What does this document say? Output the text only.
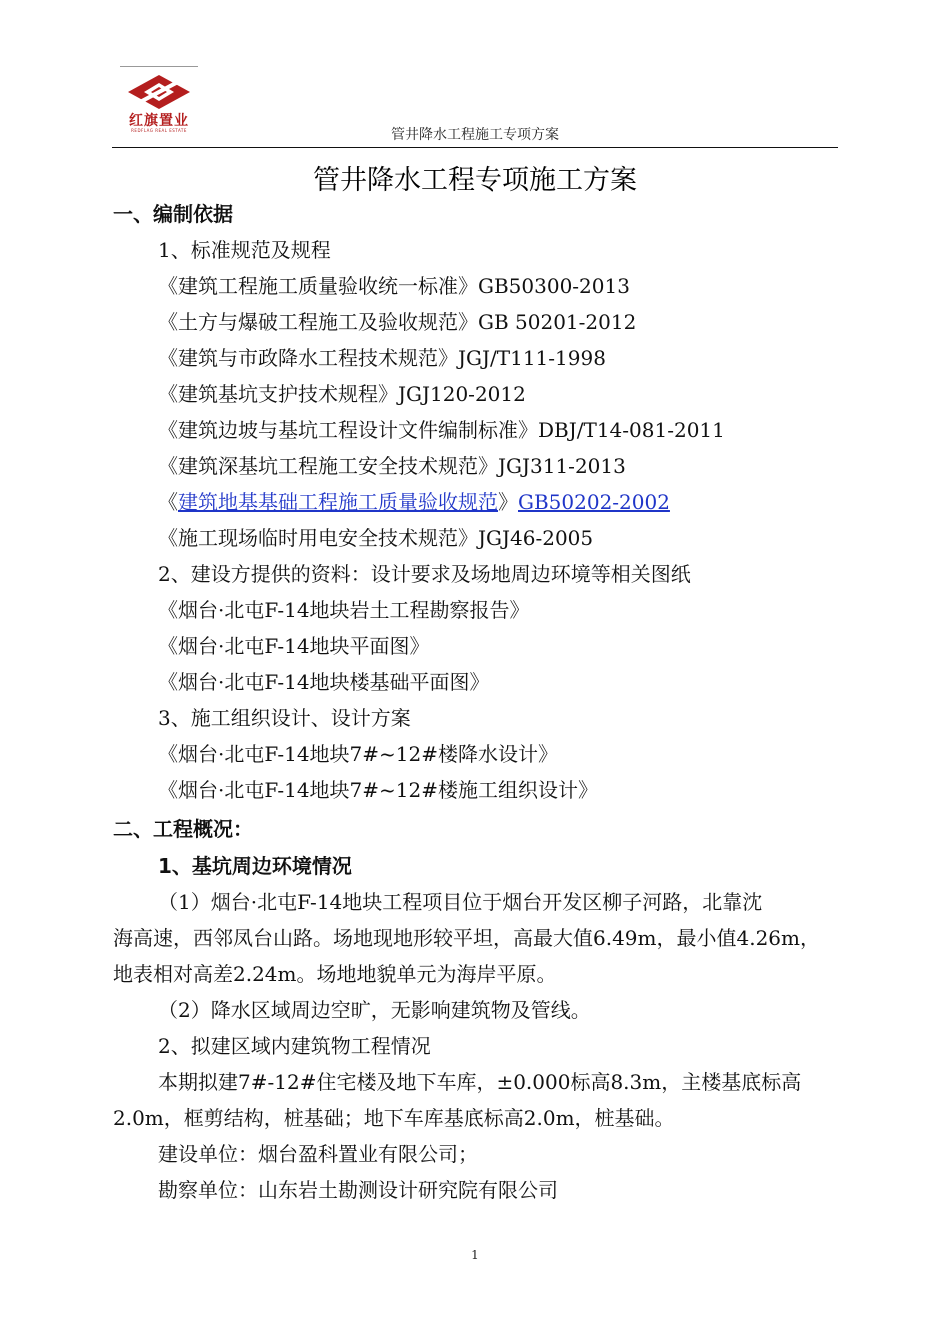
红旗置业
REDFLAG REAL ESTATE	管井降水工程施工专项方案
管井降水工程专项施工方案
一、编制依据
1、标准规范及规程
《建筑工程施工质量验收统一标准》GB50300-2013
《土方与爆破工程施工及验收规范》GB 50201-2012
《建筑与市政降水工程技术规范》JGJ/T111-1998
《建筑基坑支护技术规程》JGJ120-2012
《建筑边坡与基坑工程设计文件编制标准》DBJ/T14-081-2011
《建筑深基坑工程施工安全技术规范》JGJ311-2013
《建筑地基基础工程施工质量验收规范》GB50202-2002
《施工现场临时用电安全技术规范》JGJ46-2005
2、建设方提供的资料：设计要求及场地周边环境等相关图纸
《烟台·北屯F-14地块岩土工程勘察报告》
《烟台·北屯F-14地块平面图》
《烟台·北屯F-14地块楼基础平面图》
3、施工组织设计、设计方案
《烟台·北屯F-14地块7#~12#楼降水设计》
《烟台·北屯F-14地块7#~12#楼施工组织设计》
二、工程概况：
1、基坑周边环境情况
（1）烟台·北屯F-14地块工程项目位于烟台开发区柳子河路，北靠沈
海高速，西邻凤台山路。场地现地形较平坦，高最大值6.49m，最小值4.26m，
地表相对高差2.24m。场地地貌单元为海岸平原。
（2）降水区域周边空旷，无影响建筑物及管线。
2、拟建区域内建筑物工程情况
本期拟建7#-12#住宅楼及地下车库，±0.000标高8.3m，主楼基底标高
2.0m，框剪结构，桩基础；地下车库基底标高2.0m，桩基础。
建设单位：烟台盈科置业有限公司；
勘察单位：山东岩土勘测设计研究院有限公司
1
